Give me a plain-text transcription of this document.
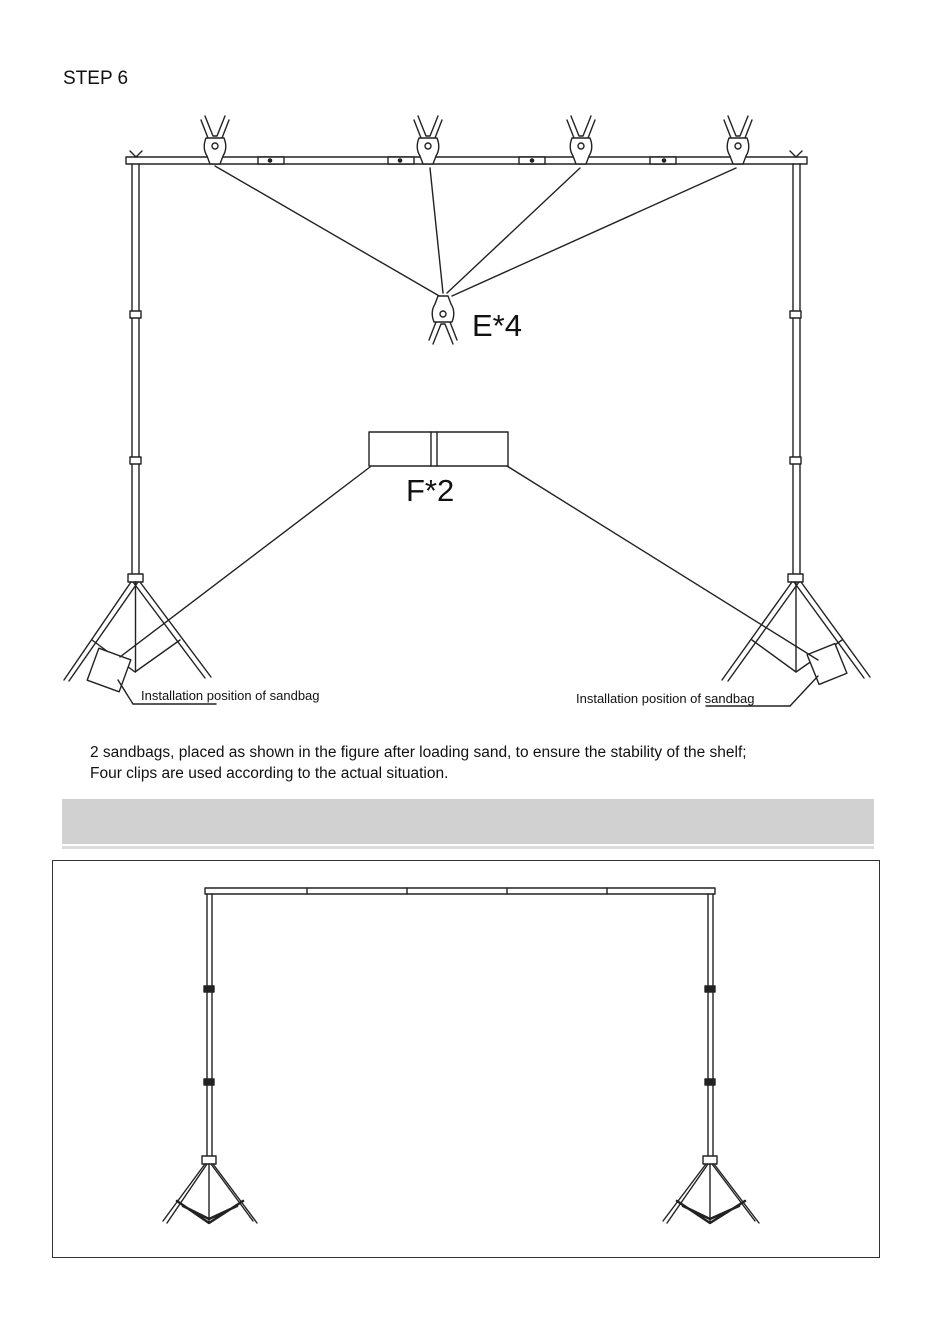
STEP 6
E*4
F*2
Installation position of sandbag	Installation position of sandbag

2 sandbags, placed as shown in the figure after loading sand, to ensure the stability of the shelf;

Four clips are used according to the actual situation.
